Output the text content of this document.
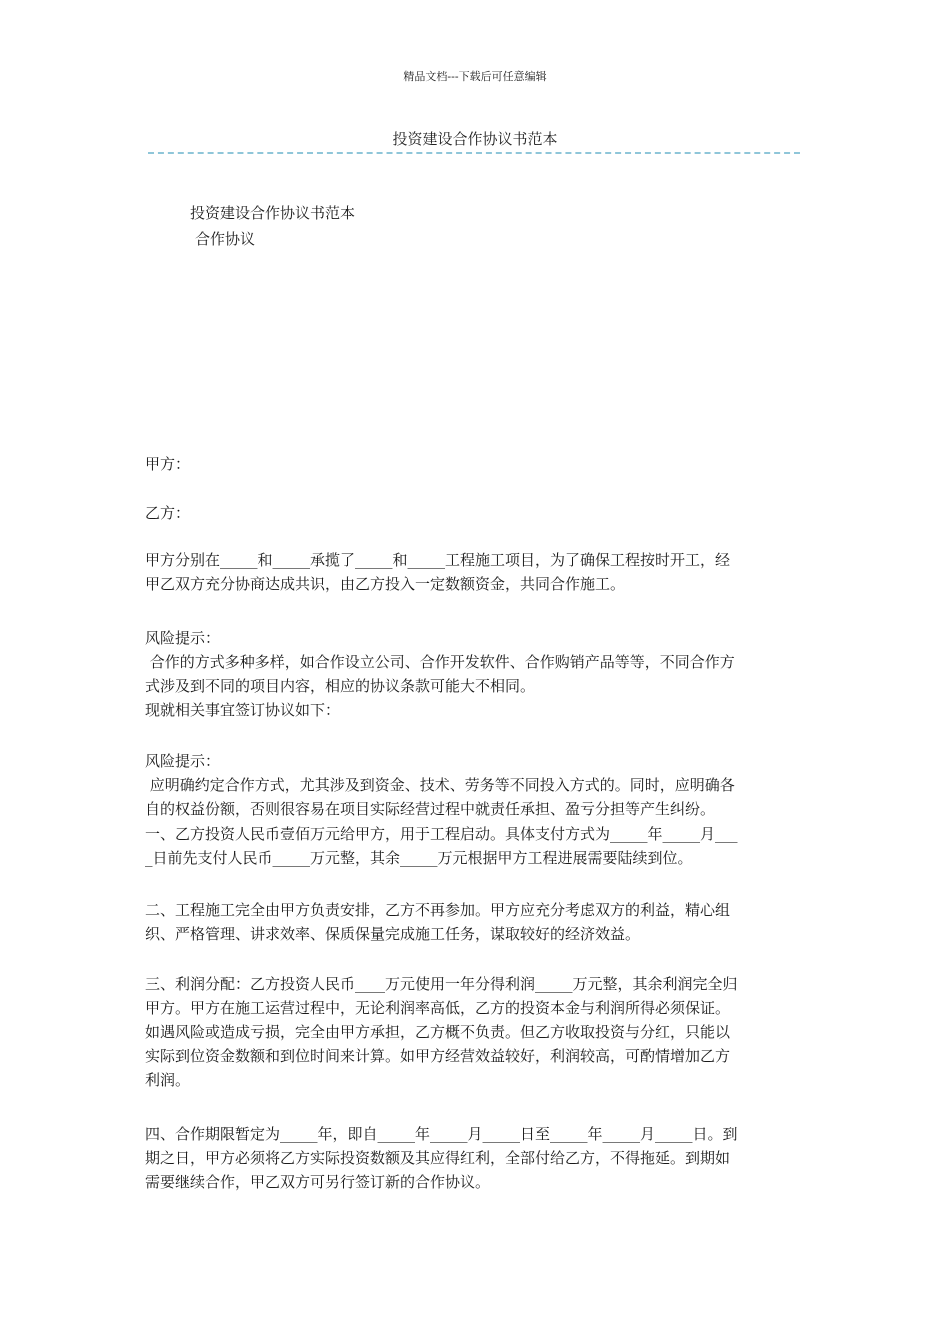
精品文档---下载后可任意编辑
投资建设合作协议书范本
投资建设合作协议书范本
合作协议
甲方：
乙方：
甲方分别在_____和_____承揽了_____和_____工程施工项目，为了确保工程按时开工，经
甲乙双方充分协商达成共识，由乙方投入一定数额资金，共同合作施工。
风险提示：
合作的方式多种多样，如合作设立公司、合作开发软件、合作购销产品等等，不同合作方
式涉及到不同的项目内容，相应的协议条款可能大不相同。
现就相关事宜签订协议如下：
风险提示：
应明确约定合作方式，尤其涉及到资金、技术、劳务等不同投入方式的。同时，应明确各
自的权益份额，否则很容易在项目实际经营过程中就责任承担、盈亏分担等产生纠纷。
一、乙方投资人民币壹佰万元给甲方，用于工程启动。具体支付方式为_____年_____月___
_日前先支付人民币_____万元整，其余_____万元根据甲方工程进展需要陆续到位。
二、工程施工完全由甲方负责安排，乙方不再参加。甲方应充分考虑双方的利益，精心组
织、严格管理、讲求效率、保质保量完成施工任务，谋取较好的经济效益。
三、利润分配：乙方投资人民币____万元使用一年分得利润_____万元整，其余利润完全归
甲方。甲方在施工运营过程中，无论利润率高低，乙方的投资本金与利润所得必须保证。
如遇风险或造成亏损，完全由甲方承担，乙方概不负责。但乙方收取投资与分红，只能以
实际到位资金数额和到位时间来计算。如甲方经营效益较好，利润较高，可酌情增加乙方
利润。
四、合作期限暂定为_____年，即自_____年_____月_____日至_____年_____月_____日。到
期之日，甲方必须将乙方实际投资数额及其应得红利，全部付给乙方，不得拖延。到期如
需要继续合作，甲乙双方可另行签订新的合作协议。
